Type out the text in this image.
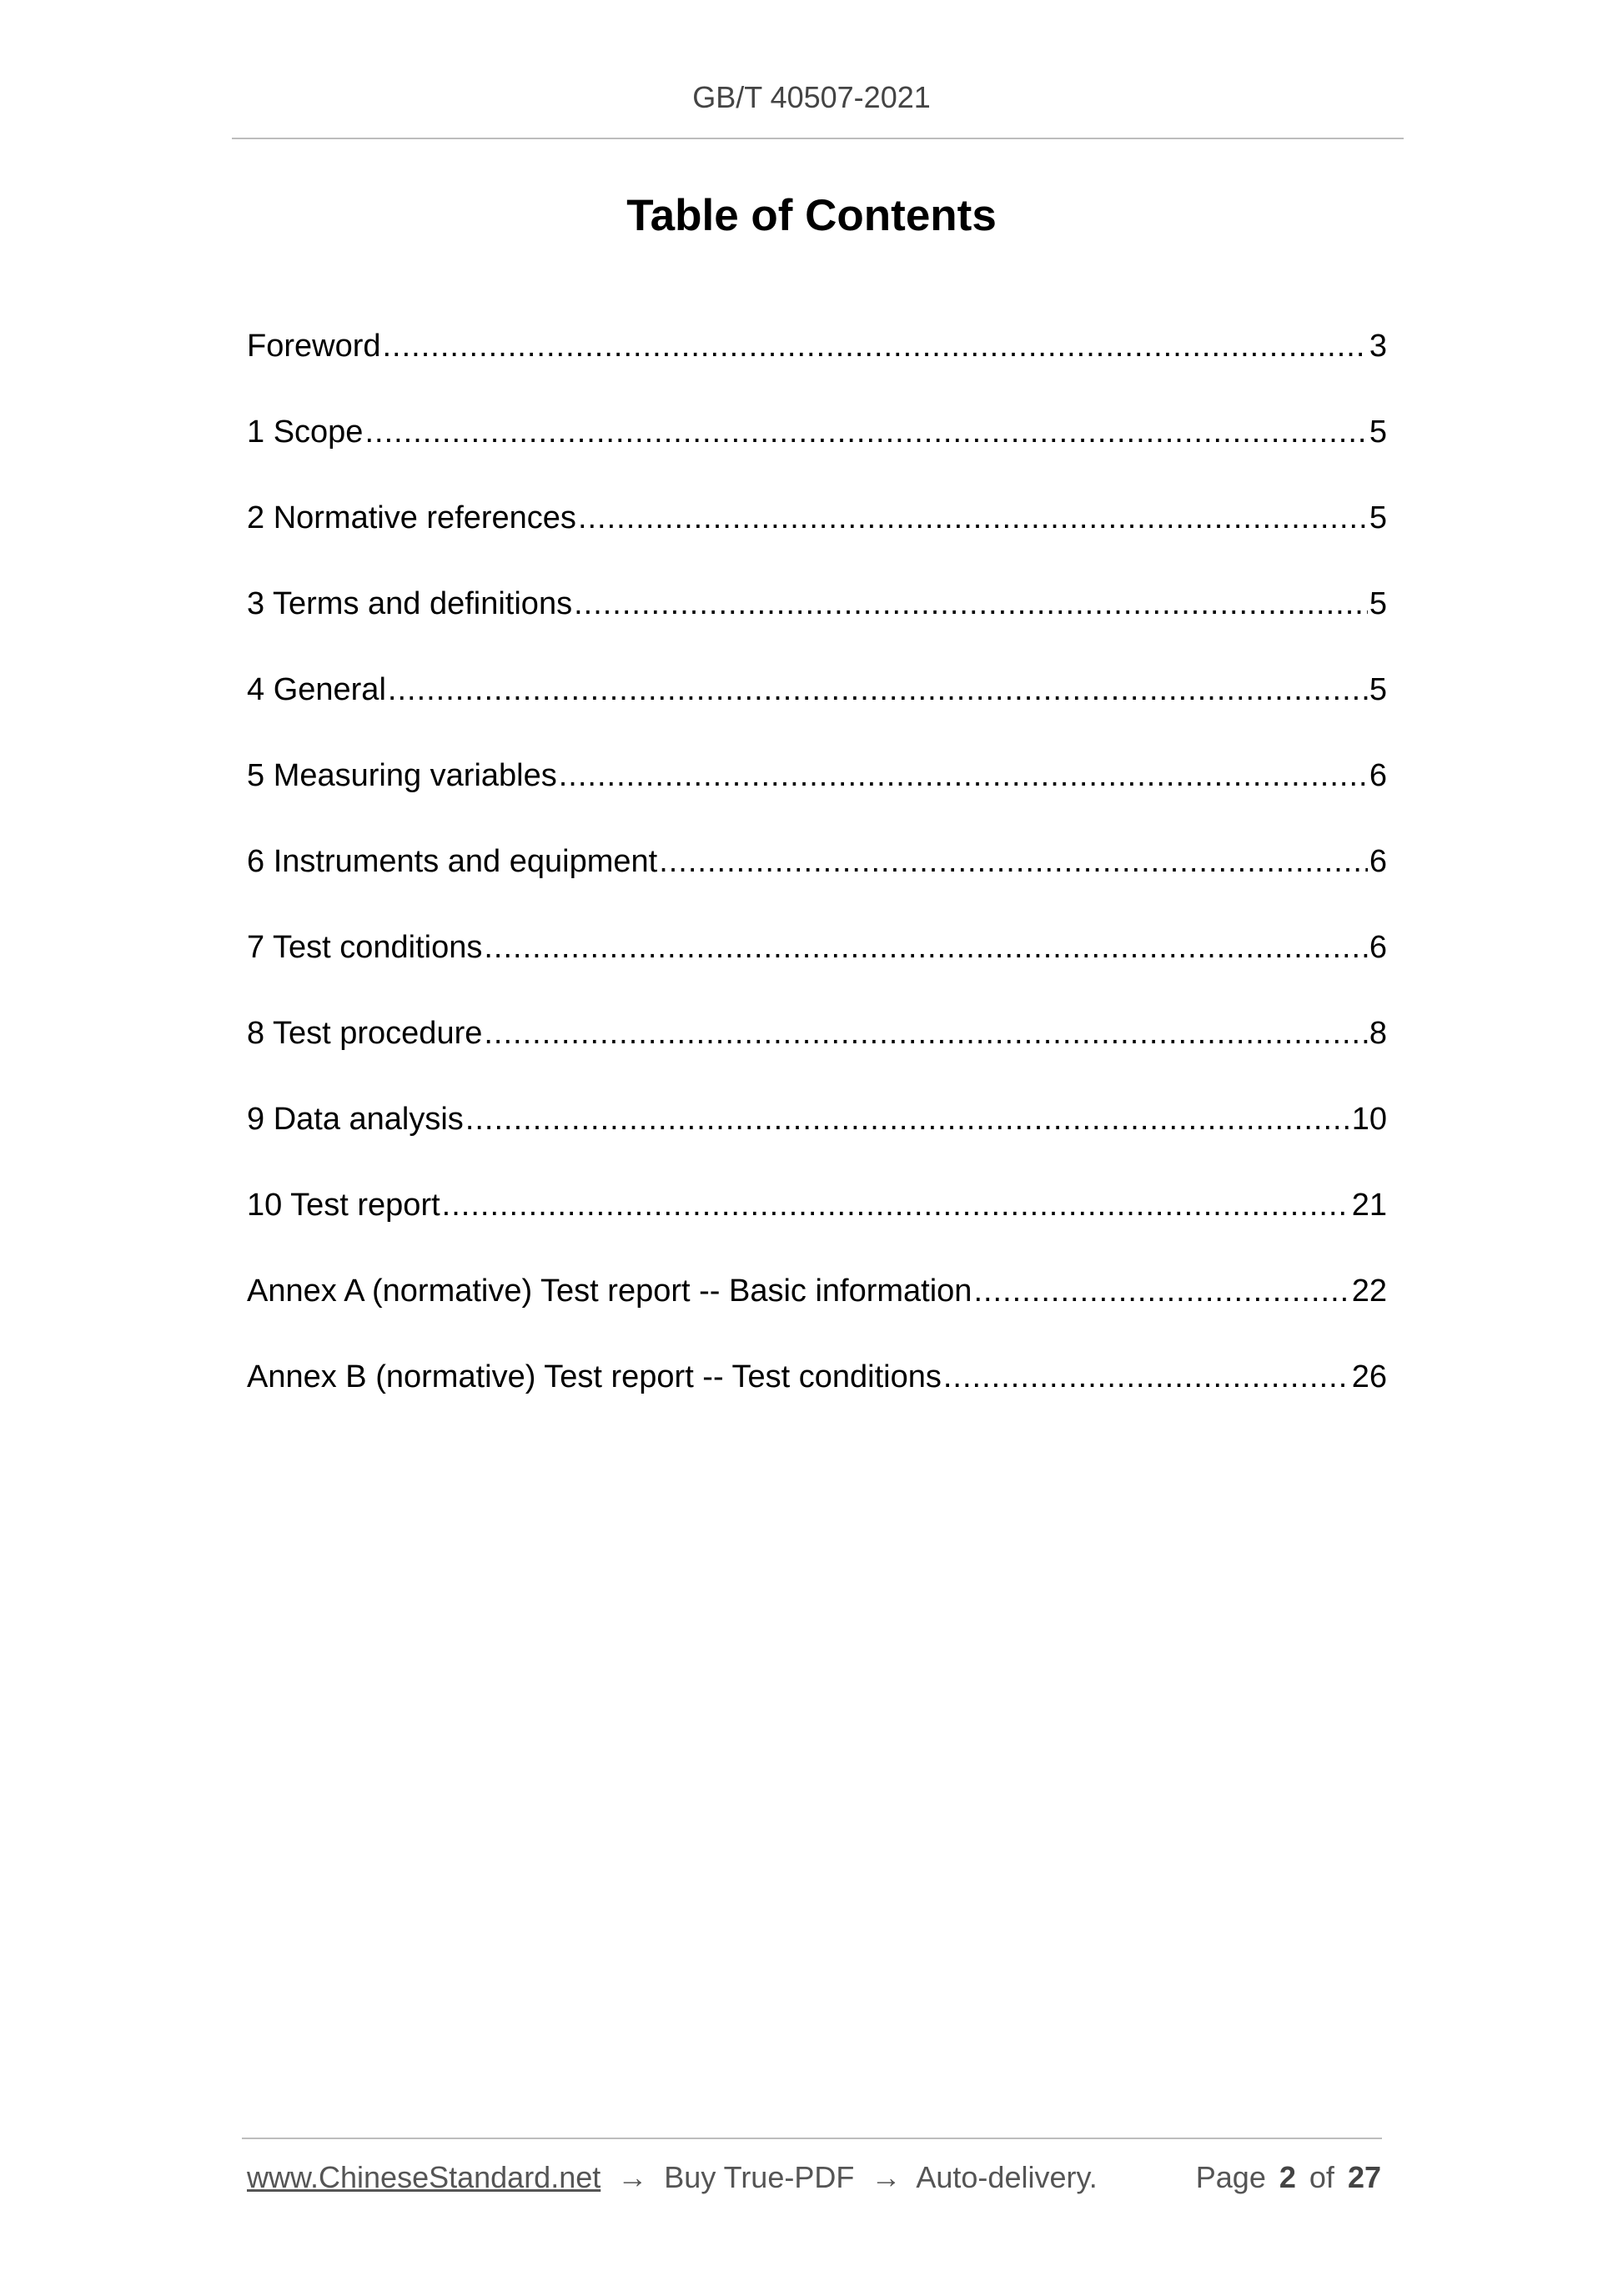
GB/T 40507-2021
Table of Contents
Foreword .....	3
1 Scope .....	5
2 Normative references .....	5
3 Terms and definitions .....	5
4 General .....	5
5 Measuring variables .....	6
6 Instruments and equipment .....	6
7 Test conditions .....	6
8 Test procedure .....	8
9 Data analysis .....	10
10 Test report .....	21
Annex A (normative) Test report -- Basic information .....	22
Annex B (normative) Test report -- Test conditions .....	26
www.ChineseStandard.net → Buy True-PDF → Auto-delivery.	Page 2 of 27
